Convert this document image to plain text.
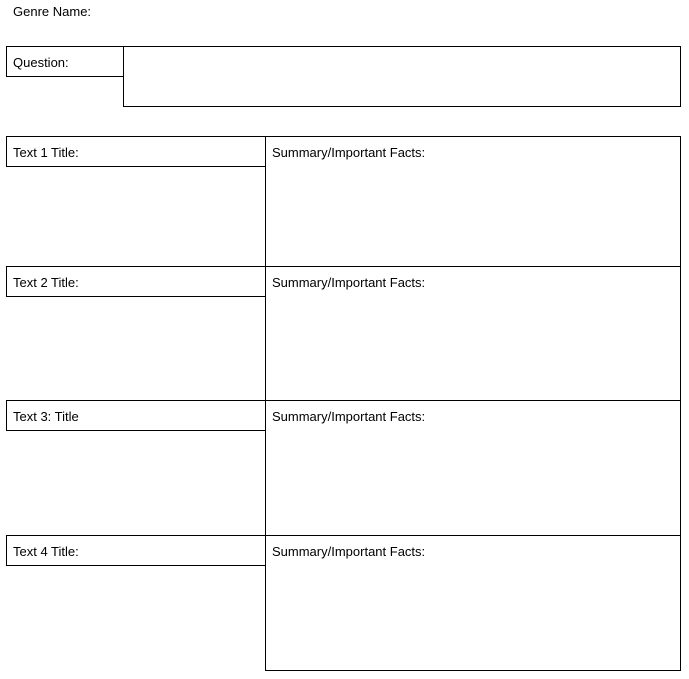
Genre Name:
Question:
Text 1 Title:	Summary/Important Facts:
Text 2 Title:	Summary/Important Facts:
Text 3: Title	Summary/Important Facts:
Text 4 Title:	Summary/Important Facts:
